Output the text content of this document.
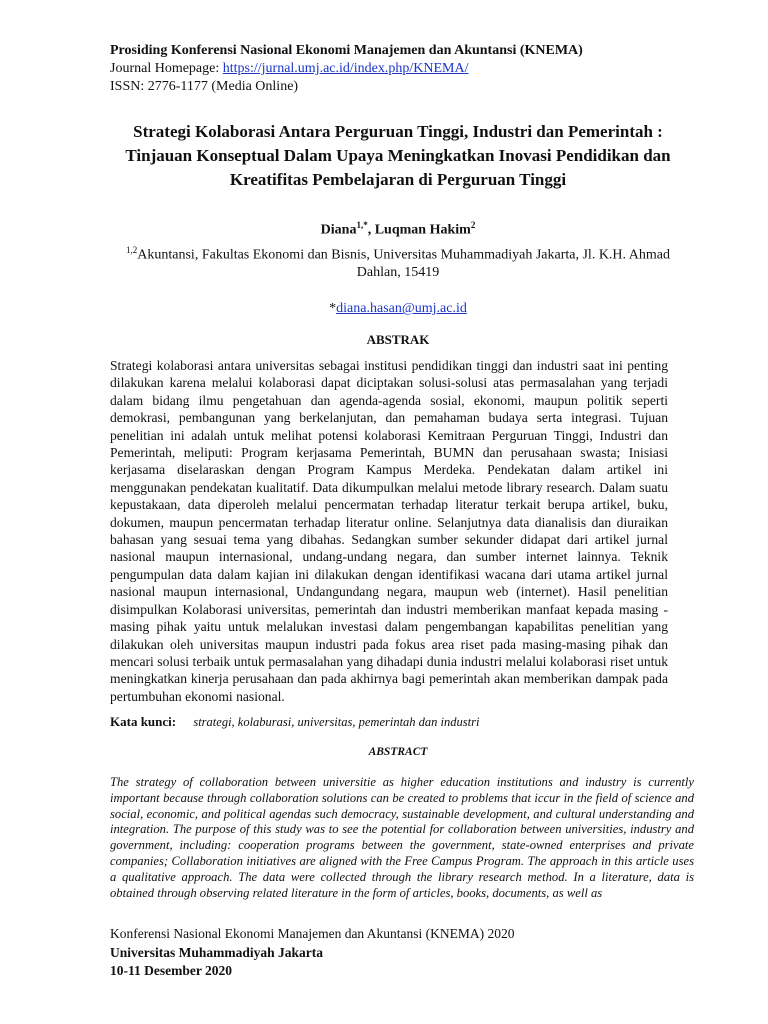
Prosiding Konferensi Nasional Ekonomi Manajemen dan Akuntansi (KNEMA)
Journal Homepage: https://jurnal.umj.ac.id/index.php/KNEMA/
ISSN: 2776-1177 (Media Online)
Strategi Kolaborasi Antara Perguruan Tinggi, Industri dan Pemerintah : Tinjauan Konseptual Dalam Upaya Meningkatkan Inovasi Pendidikan dan Kreatifitas Pembelajaran di Perguruan Tinggi
Diana$^{1,*}$, Luqman Hakim$^2$
$^{1,2}$Akuntansi, Fakultas Ekonomi dan Bisnis, Universitas Muhammadiyah Jakarta, Jl. K.H. Ahmad Dahlan, 15419
*diana.hasan@umj.ac.id
ABSTRAK

Strategi kolaborasi antara universitas sebagai institusi pendidikan tinggi dan industri saat ini penting dilakukan karena melalui kolaborasi dapat diciptakan solusi-solusi atas permasalahan yang terjadi dalam bidang ilmu pengetahuan dan agenda-agenda sosial, ekonomi, maupun politik seperti demokrasi, pembangunan yang berkelanjutan, dan pemahaman budaya serta integrasi. Tujuan penelitian ini adalah untuk melihat potensi kolaborasi Kemitraan Perguruan Tinggi, Industri dan Pemerintah, meliputi: Program kerjasama Pemerintah, BUMN dan perusahaan swasta; Inisiasi kerjasama diselaraskan dengan Program Kampus Merdeka. Pendekatan dalam artikel ini menggunakan pendekatan kualitatif. Data dikumpulkan melalui metode library research. Dalam suatu kepustakaan, data diperoleh melalui pencermatan terhadap literatur terkait berupa artikel, buku, dokumen, maupun pencermatan terhadap literatur online. Selanjutnya data dianalisis dan diuraikan bahasan yang sesuai tema yang dibahas. Sedangkan sumber sekunder didapat dari artikel jurnal nasional maupun internasional, undang-undang negara, dan sumber internet lainnya. Teknik pengumpulan data dalam kajian ini dilakukan dengan identifikasi wacana dari utama artikel jurnal nasional maupun internasional, Undangundang negara, maupun web (internet). Hasil penelitian disimpulkan Kolaborasi universitas, pemerintah dan industri memberikan manfaat kepada masing - masing pihak yaitu untuk melalukan investasi dalam pengembangan kapabilitas penelitian yang dilakukan oleh universitas maupun industri pada fokus area riset pada masing-masing pihak dan mencari solusi terbaik untuk permasalahan yang dihadapi dunia industri melalui kolaborasi riset untuk meningkatkan kinerja perusahaan dan pada akhirnya bagi pemerintah akan memberikan dampak pada pertumbuhan ekonomi nasional.

Kata kunci: strategi, kolaburasi, universitas, pemerintah dan industri
ABSTRACT

The strategy of collaboration between universitie as higher education institutions and industry is currently important because through collaboration solutions can be created to problems that iccur in the field of science and social, economic, and political agendas such democracy, sustainable development, and cultural understanding and integration. The purpose of this study was to see the potential for collaboration between universities, industry and government, including: cooperation programs between the government, state-owned enterprises and private companies; Collaboration initiatives are aligned with the Free Campus Program. The approach in this article uses a qualitative approach. The data were collected through the library research method. In a literature, data is obtained through observing related literature in the form of articles, books, documents, as well as

Konferensi Nasional Ekonomi Manajemen dan Akuntansi (KNEMA) 2020
Universitas Muhammadiyah Jakarta
10-11 Desember 2020
